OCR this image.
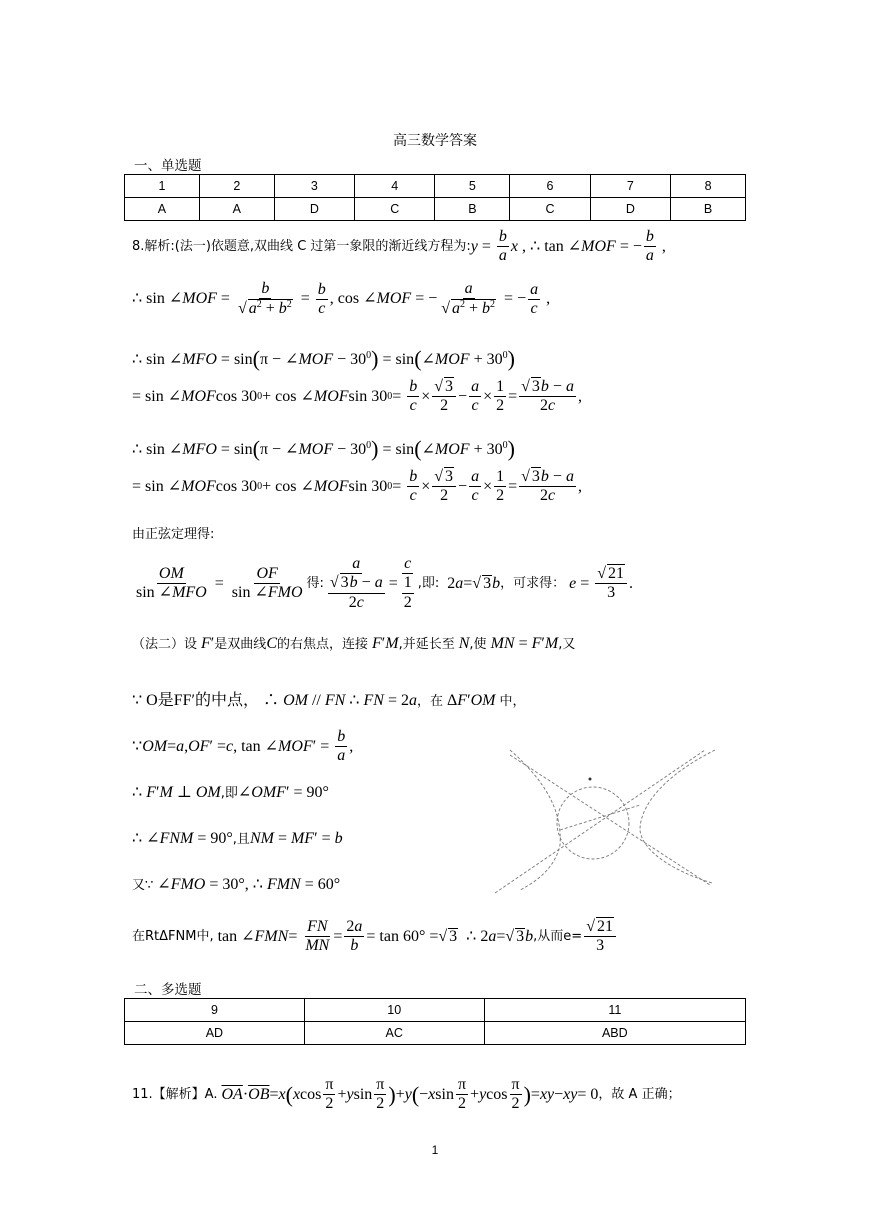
高三数学答案
一、单选题
1	2	3	4	5	6	7	8
A	A	D	C	B	C	D	B
8.解析:(法一)依题意,双曲线 C 过第一象限的渐近线方程为: $y = \frac{b}{a}$ x , ∴ tan ∠ MOF = − $\frac{b}{a}$ ,
∴ sin ∠ MOF = $\frac{b}{√ a^2 + b^2} = \frac{b}{c}$ , cos ∠ MOF = − $\frac{a}{√ a^2 + b^2}$ = − $\frac{a}{c}$ ,
∴ sin ∠MFO = sin(π − ∠MOF − $30^0$) = sin(∠MOF + $30^0$)
= sin ∠ MOF cos 30 0 + cos ∠ MOF sin 30 $0 = \frac{b}{c} \times \frac{√ 3}{2} - \frac{a}{c} \times \frac{1}{2} = \frac{√ 3b - a}{2c}$ ,
∴ sin ∠MFO = sin(π − ∠MOF − $30^0$) = sin(∠MOF + $30^0$)
= sin ∠ MOF cos 30 0 + cos ∠ MOF sin 30 $0 = \frac{b}{c} \times \frac{√ 3}{2} - \frac{a}{c} \times \frac{1}{2} = \frac{√ 3b - a}{2c}$ ,
由正弦定理得:
$\frac{OM}{\text{sin ∠MFO}} = \frac{OF}{\text{sin ∠FMO}}$ 得: $\frac{a}{\frac{√ 3b - a}{2c}} = \frac{c}{\frac{1}{2}}$ ,即: 2 a = √ 3 b ，可求得：
$e = \frac{√ 21}{3}$ .
（法二）设 F′是双曲线C的右焦点，连接 F′M,并延长至 N,使 MN = F′M,又
∵ O是FF′的中点， ∴ OM // FN ∴ FN = 2a，在 ΔF′OM 中，
∵ OM = a , OF ′ = c , tan ∠ MOF ′ = $\frac{b}{a}$ ,
∴ F′M ⊥ OM,即∠OMF′ = 90°
∴ ∠FNM = 90°,且NM = MF′ = b
又∵ ∠FMO = 30°, ∴ FMN = 60°
在RtΔFNM中, tan ∠ FMN = $\frac{FN}{MN} = \frac{2a}{b} = \tan 60^\circ$ = √ 3 ∴ 2 a = √ 3 b ,从而$e= \frac{√ 21}{3}$
二、多选题
9	10	11
AD	AC	ABD
11.【解析】A.
$\overline{OA} \cdot \overline{OB} = x$ ( x $\cos \frac{\pi}{2} + y$ $\sin \frac{\pi}{2}$ ) + y ( − x $\sin \frac{\pi}{2} + y$ $\cos \frac{\pi}{2}$ ) = xy − xy = 0 ，故 A 正确；
1
